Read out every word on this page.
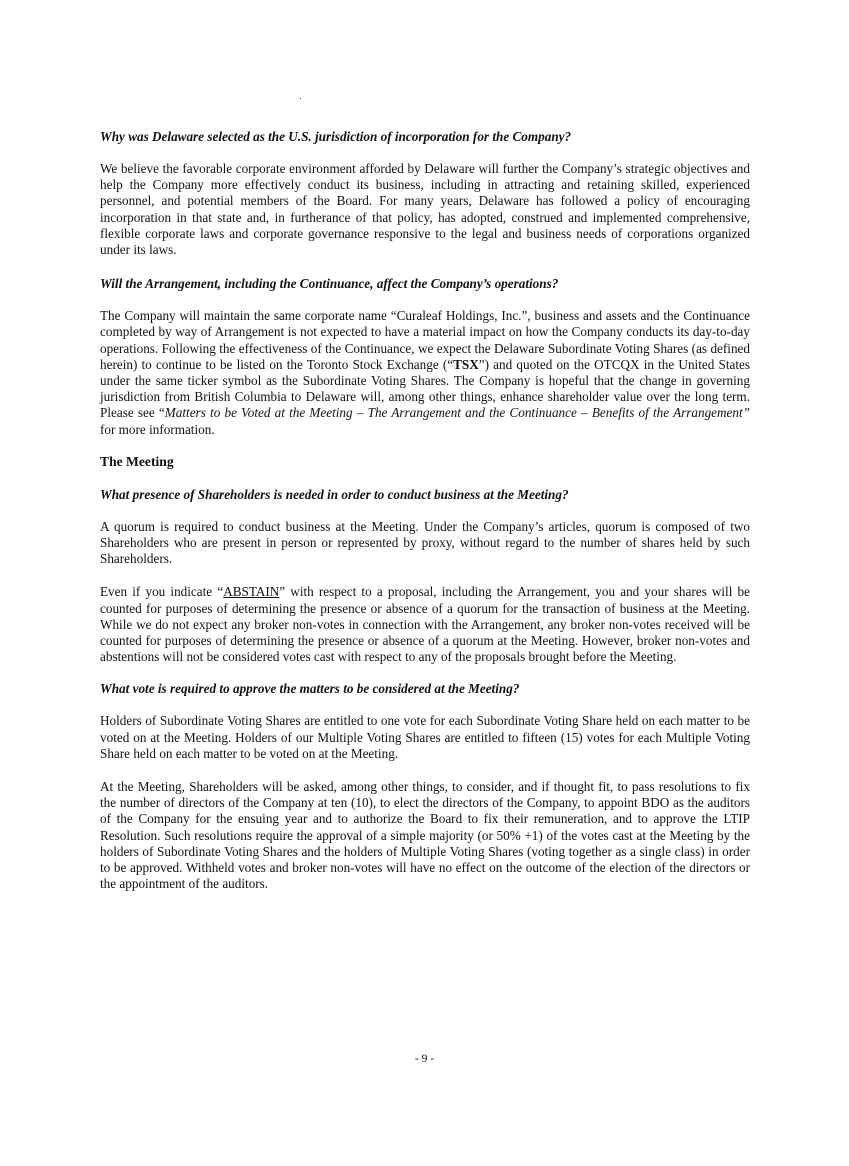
Why was Delaware selected as the U.S. jurisdiction of incorporation for the Company?

We believe the favorable corporate environment afforded by Delaware will further the Company’s strategic objectives and help the Company more effectively conduct its business, including in attracting and retaining skilled, experienced personnel, and potential members of the Board. For many years, Delaware has followed a policy of encouraging incorporation in that state and, in furtherance of that policy, has adopted, construed and implemented comprehensive, flexible corporate laws and corporate governance responsive to the legal and business needs of corporations organized under its laws.

Will the Arrangement, including the Continuance, affect the Company’s operations?

The Company will maintain the same corporate name “Curaleaf Holdings, Inc.”, business and assets and the Continuance completed by way of Arrangement is not expected to have a material impact on how the Company conducts its day-to-day operations. Following the effectiveness of the Continuance, we expect the Delaware Subordinate Voting Shares (as defined herein) to continue to be listed on the Toronto Stock Exchange (“TSX”) and quoted on the OTCQX in the United States under the same ticker symbol as the Subordinate Voting Shares. The Company is hopeful that the change in governing jurisdiction from British Columbia to Delaware will, among other things, enhance shareholder value over the long term. Please see “Matters to be Voted at the Meeting – The Arrangement and the Continuance – Benefits of the Arrangement” for more information.

The Meeting
What presence of Shareholders is needed in order to conduct business at the Meeting?

A quorum is required to conduct business at the Meeting. Under the Company’s articles, quorum is composed of two Shareholders who are present in person or represented by proxy, without regard to the number of shares held by such Shareholders.

Even if you indicate “ABSTAIN” with respect to a proposal, including the Arrangement, you and your shares will be counted for purposes of determining the presence or absence of a quorum for the transaction of business at the Meeting. While we do not expect any broker non-votes in connection with the Arrangement, any broker non-votes received will be counted for purposes of determining the presence or absence of a quorum at the Meeting. However, broker non-votes and abstentions will not be considered votes cast with respect to any of the proposals brought before the Meeting.

What vote is required to approve the matters to be considered at the Meeting?

Holders of Subordinate Voting Shares are entitled to one vote for each Subordinate Voting Share held on each matter to be voted on at the Meeting. Holders of our Multiple Voting Shares are entitled to fifteen (15) votes for each Multiple Voting Share held on each matter to be voted on at the Meeting.

At the Meeting, Shareholders will be asked, among other things, to consider, and if thought fit, to pass resolutions to fix the number of directors of the Company at ten (10), to elect the directors of the Company, to appoint BDO as the auditors of the Company for the ensuing year and to authorize the Board to fix their remuneration, and to approve the LTIP Resolution. Such resolutions require the approval of a simple majority (or 50% +1) of the votes cast at the Meeting by the holders of Subordinate Voting Shares and the holders of Multiple Voting Shares (voting together as a single class) in order to be approved. Withheld votes and broker non-votes will have no effect on the outcome of the election of the directors or the appointment of the auditors.

- 9 -
